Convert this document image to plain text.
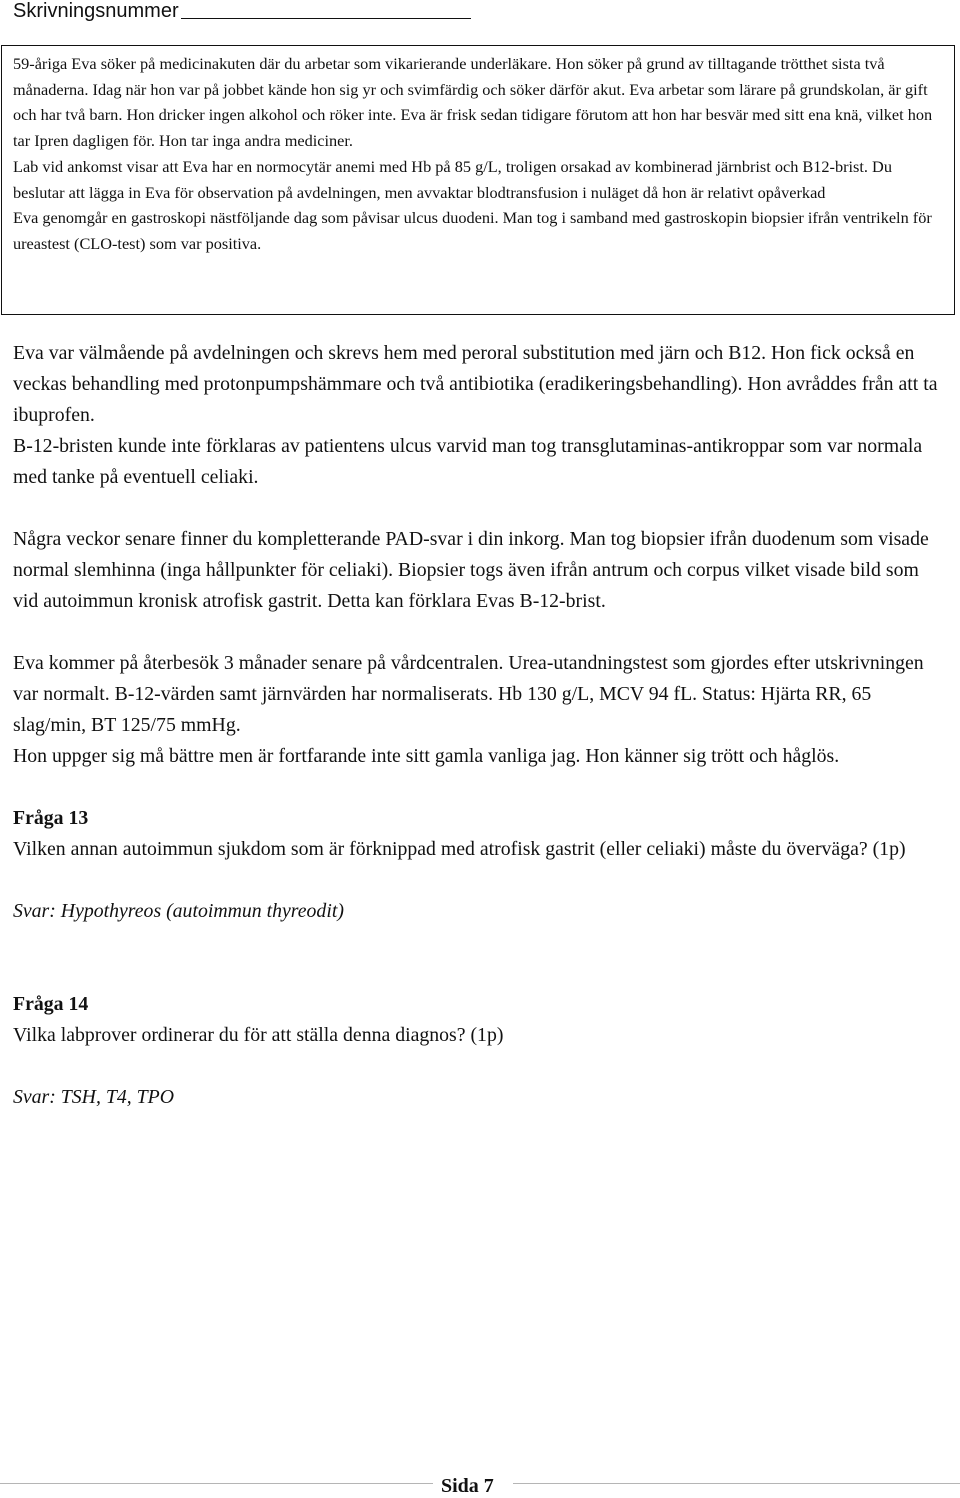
Skrivningsnummer

59-åriga Eva söker på medicinakuten där du arbetar som vikarierande underläkare. Hon söker på grund av tilltagande trötthet sista två månaderna. Idag när hon var på jobbet kände hon sig yr och svimfärdig och söker därför akut. Eva arbetar som lärare på grundskolan, är gift och har två barn. Hon dricker ingen alkohol och röker inte. Eva är frisk sedan tidigare förutom att hon har besvär med sitt ena knä, vilket hon tar Ipren dagligen för. Hon tar inga andra mediciner.

Lab vid ankomst visar att Eva har en normocytär anemi med Hb på 85 g/L, troligen orsakad av kombinerad järnbrist och B12-brist. Du beslutar att lägga in Eva för observation på avdelningen, men avvaktar blodtransfusion i nuläget då hon är relativt opåverkad

Eva genomgår en gastroskopi nästföljande dag som påvisar ulcus duodeni. Man tog i samband med gastroskopin biopsier ifrån ventrikeln för ureastest (CLO-test) som var positiva.

Eva var välmående på avdelningen och skrevs hem med peroral substitution med järn och B12. Hon fick också en veckas behandling med protonpumpshämmare och två antibiotika (eradikeringsbehandling). Hon avråddes från att ta ibuprofen.

B-12-bristen kunde inte förklaras av patientens ulcus varvid man tog transglutaminas-antikroppar som var normala med tanke på eventuell celiaki.

Några veckor senare finner du kompletterande PAD-svar i din inkorg. Man tog biopsier ifrån duodenum som visade normal slemhinna (inga hållpunkter för celiaki). Biopsier togs även ifrån antrum och corpus vilket visade bild som vid autoimmun kronisk atrofisk gastrit. Detta kan förklara Evas B-12-brist.

Eva kommer på återbesök 3 månader senare på vårdcentralen. Urea-utandningstest som gjordes efter utskrivningen var normalt. B-12-värden samt järnvärden har normaliserats. Hb 130 g/L, MCV 94 fL. Status: Hjärta RR, 65 slag/min, BT 125/75 mmHg.

Hon uppger sig må bättre men är fortfarande inte sitt gamla vanliga jag. Hon känner sig trött och håglös.

Fråga 13

Vilken annan autoimmun sjukdom som är förknippad med atrofisk gastrit (eller celiaki) måste du överväga? (1p)

Svar: Hypothyreos (autoimmun thyreodit)

Fråga 14

Vilka labprover ordinerar du för att ställa denna diagnos? (1p)

Svar: TSH, T4, TPO

Sida 7
